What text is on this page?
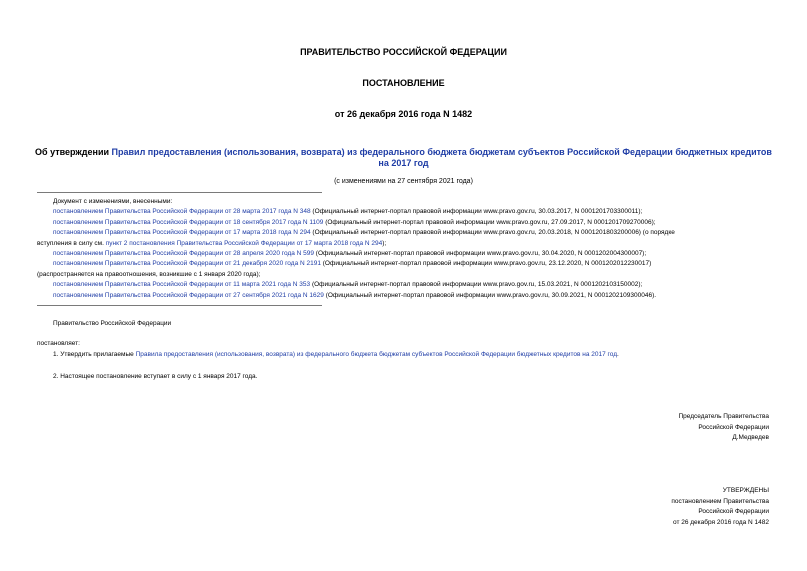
ПРАВИТЕЛЬСТВО РОССИЙСКОЙ ФЕДЕРАЦИИ
ПОСТАНОВЛЕНИЕ
от 26 декабря 2016 года N 1482
Об утверждении Правил предоставления (использования, возврата) из федерального бюджета бюджетам субъектов Российской Федерации бюджетных кредитов на 2017 год
(с изменениями на 27 сентября 2021 года)
Документ с изменениями, внесенными:
постановлением Правительства Российской Федерации от 28 марта 2017 года N 348 (Официальный интернет-портал правовой информации www.pravo.gov.ru, 30.03.2017, N 0001201703300011);
постановлением Правительства Российской Федерации от 18 сентября 2017 года N 1109 (Официальный интернет-портал правовой информации www.pravo.gov.ru, 27.09.2017, N 0001201709270006);
постановлением Правительства Российской Федерации от 17 марта 2018 года N 294 (Официальный интернет-портал правовой информации www.pravo.gov.ru, 20.03.2018, N 0001201803200006) (о порядке
вступления в силу см. пункт 2 постановления Правительства Российской Федерации от 17 марта 2018 года N 294);
постановлением Правительства Российской Федерации от 28 апреля 2020 года N 599 (Официальный интернет-портал правовой информации www.pravo.gov.ru, 30.04.2020, N 0001202004300007);
постановлением Правительства Российской Федерации от 21 декабря 2020 года N 2191 (Официальный интернет-портал правовой информации www.pravo.gov.ru, 23.12.2020, N 0001202012230017)
(распространяется на правоотношения, возникшие с 1 января 2020 года);
постановлением Правительства Российской Федерации от 11 марта 2021 года N 353 (Официальный интернет-портал правовой информации www.pravo.gov.ru, 15.03.2021, N 0001202103150002);
постановлением Правительства Российской Федерации от 27 сентября 2021 года N 1629 (Официальный интернет-портал правовой информации www.pravo.gov.ru, 30.09.2021, N 0001202109300046).
Правительство Российской Федерации
постановляет:
1. Утвердить прилагаемые Правила предоставления (использования, возврата) из федерального бюджета бюджетам субъектов Российской Федерации бюджетных кредитов на 2017 год.
2. Настоящее постановление вступает в силу с 1 января 2017 года.
Председатель Правительства
Российской Федерации
Д.Медведев
УТВЕРЖДЕНЫ
постановлением Правительства
Российской Федерации
от 26 декабря 2016 года N 1482
